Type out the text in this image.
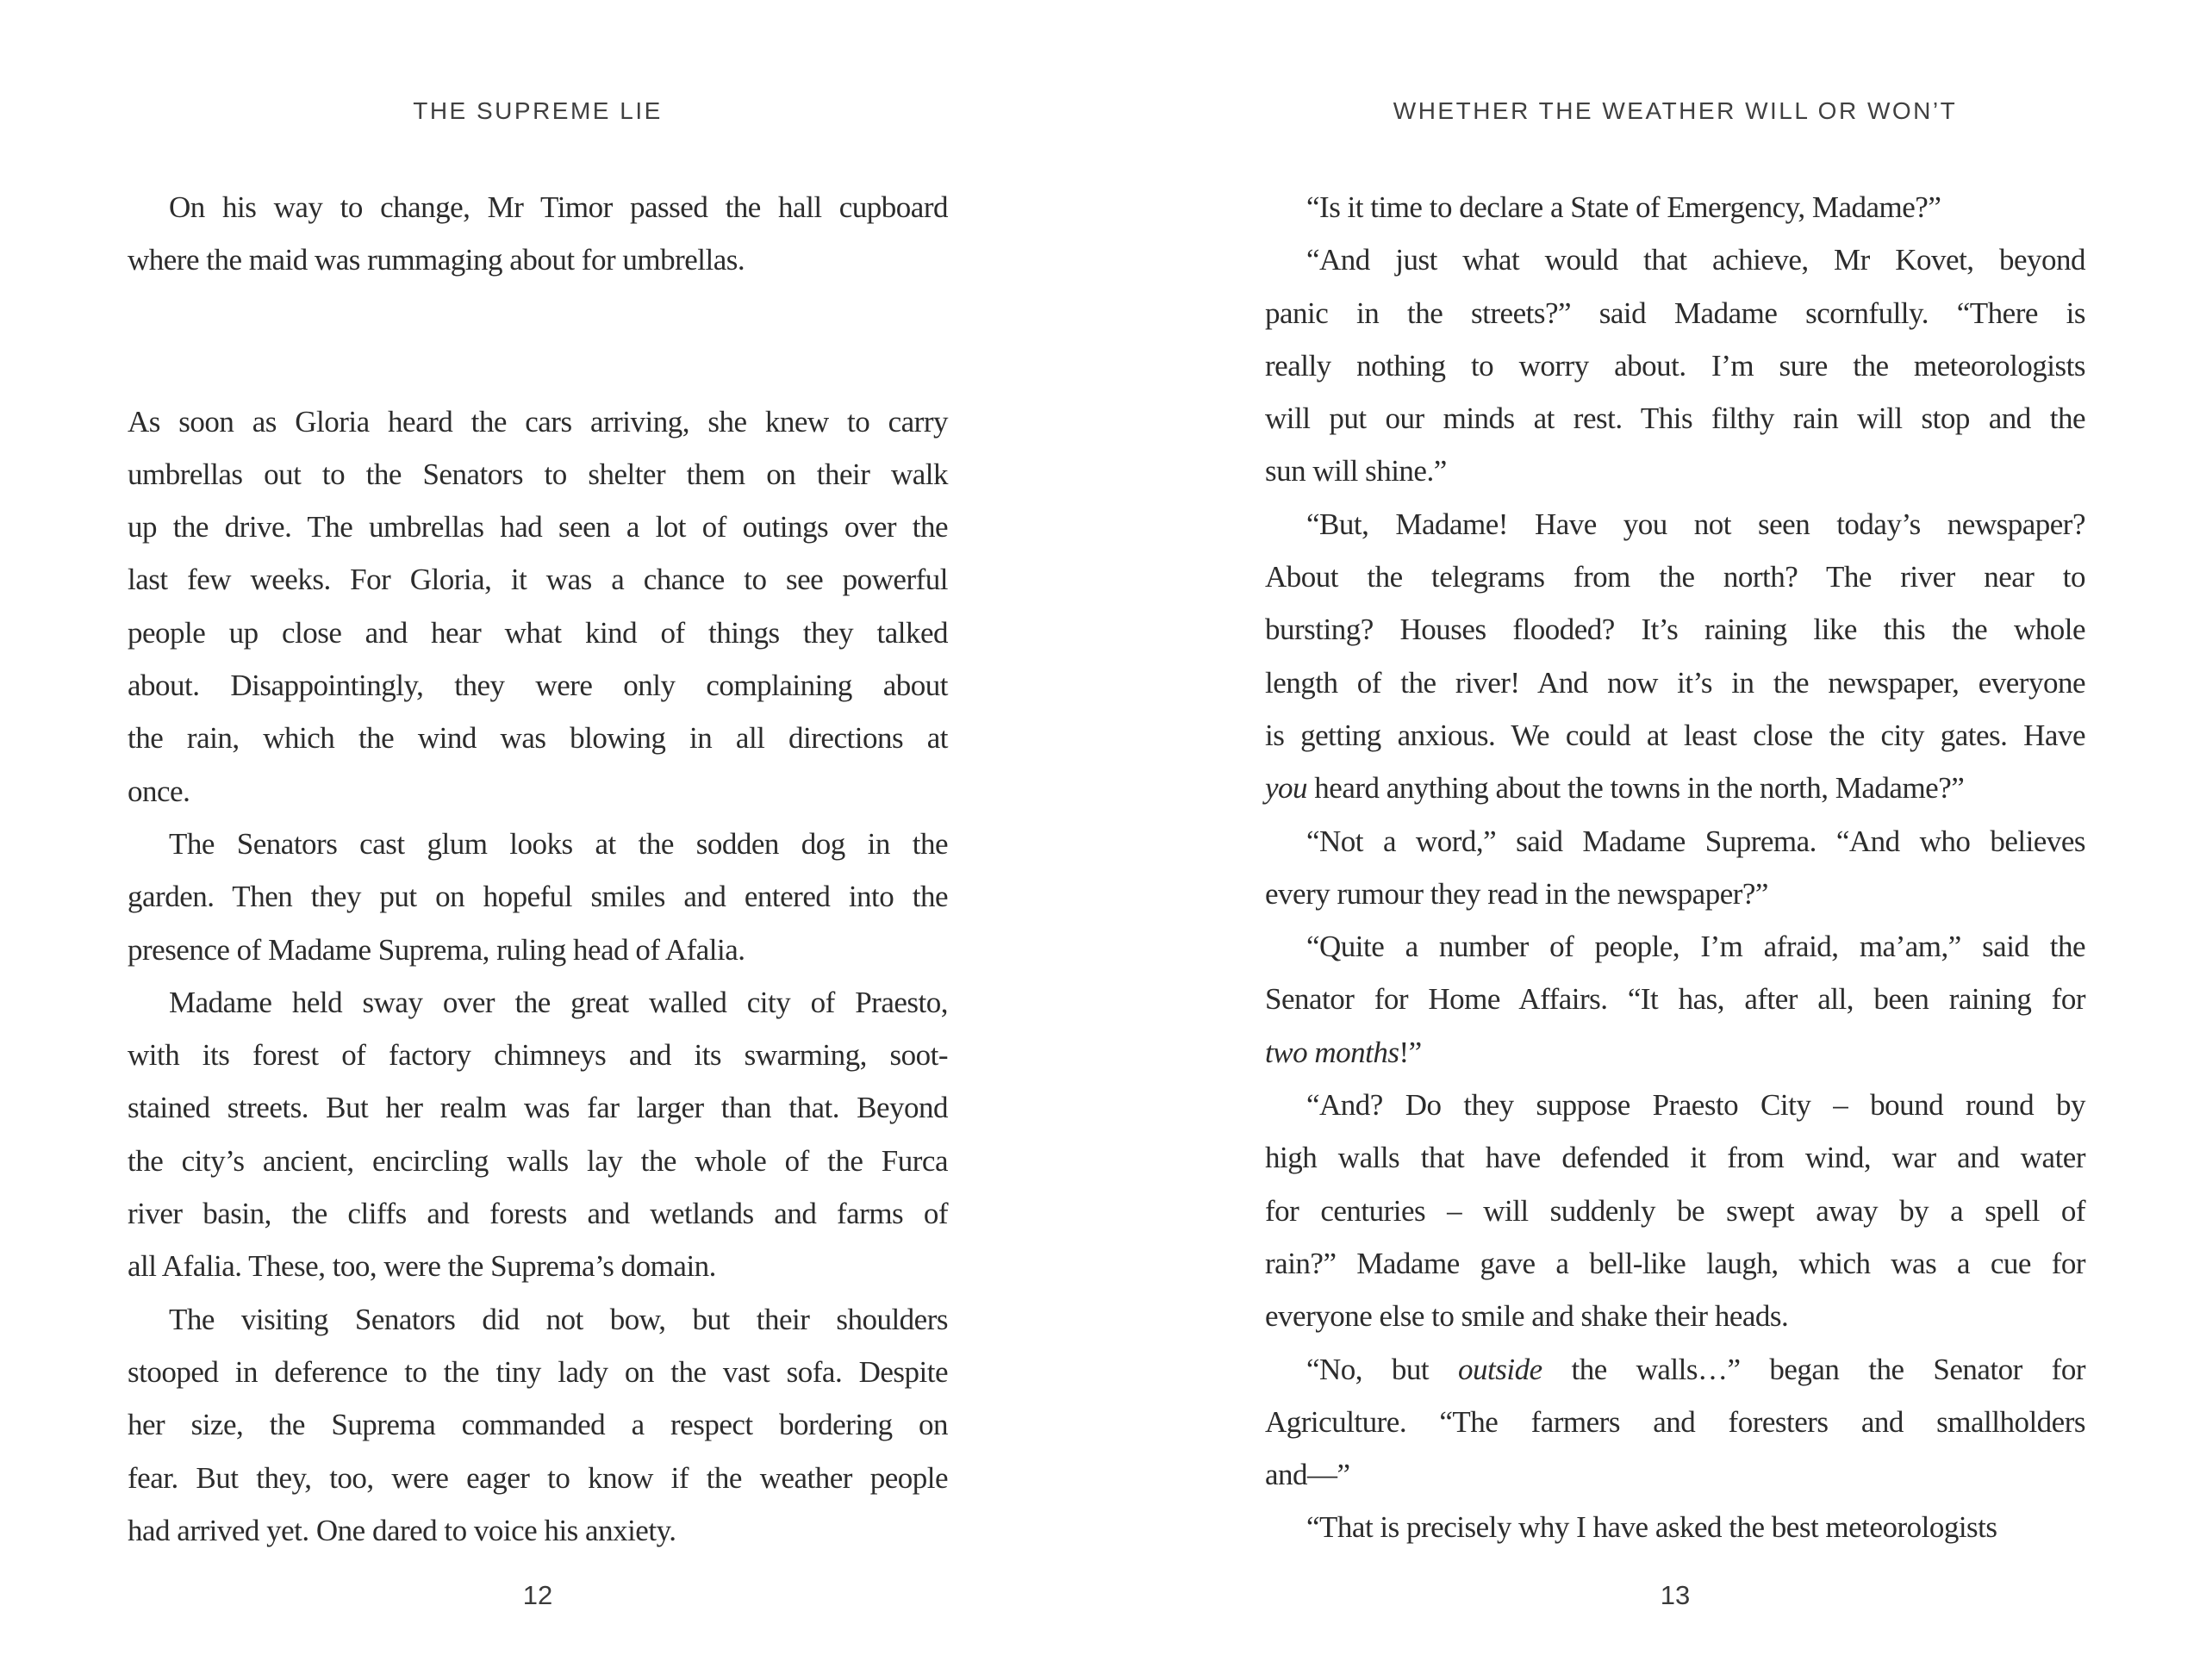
THE SUPREME LIE

On his way to change, Mr Timor passed the hall cupboard
where the maid was rummaging about for umbrellas.

As soon as Gloria heard the cars arriving, she knew to carry
umbrellas out to the Senators to shelter them on their walk
up the drive. The umbrellas had seen a lot of outings over the
last few weeks. For Gloria, it was a chance to see powerful
people up close and hear what kind of things they talked
about. Disappointingly, they were only complaining about
the rain, which the wind was blowing in all directions at
once.

The Senators cast glum looks at the sodden dog in the
garden. Then they put on hopeful smiles and entered into the
presence of Madame Suprema, ruling head of Afalia.

Madame held sway over the great walled city of Praesto,
with its forest of factory chimneys and its swarming, soot-
stained streets. But her realm was far larger than that. Beyond
the city’s ancient, encircling walls lay the whole of the Furca
river basin, the cliffs and forests and wetlands and farms of
all Afalia. These, too, were the Suprema’s domain.

The visiting Senators did not bow, but their shoulders
stooped in deference to the tiny lady on the vast sofa. Despite
her size, the Suprema commanded a respect bordering on
fear. But they, too, were eager to know if the weather people
had arrived yet. One dared to voice his anxiety.

12
WHETHER THE WEATHER WILL OR WON’T

“Is it time to declare a State of Emergency, Madame?”

“And just what would that achieve, Mr Kovet, beyond
panic in the streets?” said Madame scornfully. “There is
really nothing to worry about. I’m sure the meteorologists
will put our minds at rest. This filthy rain will stop and the
sun will shine.”

“But, Madame! Have you not seen today’s newspaper?
About the telegrams from the north? The river near to
bursting? Houses flooded? It’s raining like this the whole
length of the river! And now it’s in the newspaper, everyone
is getting anxious. We could at least close the city gates. Have
you heard anything about the towns in the north, Madame?”

“Not a word,” said Madame Suprema. “And who believes
every rumour they read in the newspaper?”

“Quite a number of people, I’m afraid, ma’am,” said the
Senator for Home Affairs. “It has, after all, been raining for
two months!”

“And? Do they suppose Praesto City – bound round by
high walls that have defended it from wind, war and water
for centuries – will suddenly be swept away by a spell of
rain?” Madame gave a bell-like laugh, which was a cue for
everyone else to smile and shake their heads.

“No, but outside the walls…” began the Senator for
Agriculture. “The farmers and foresters and smallholders
and—”

“That is precisely why I have asked the best meteorologists

13
